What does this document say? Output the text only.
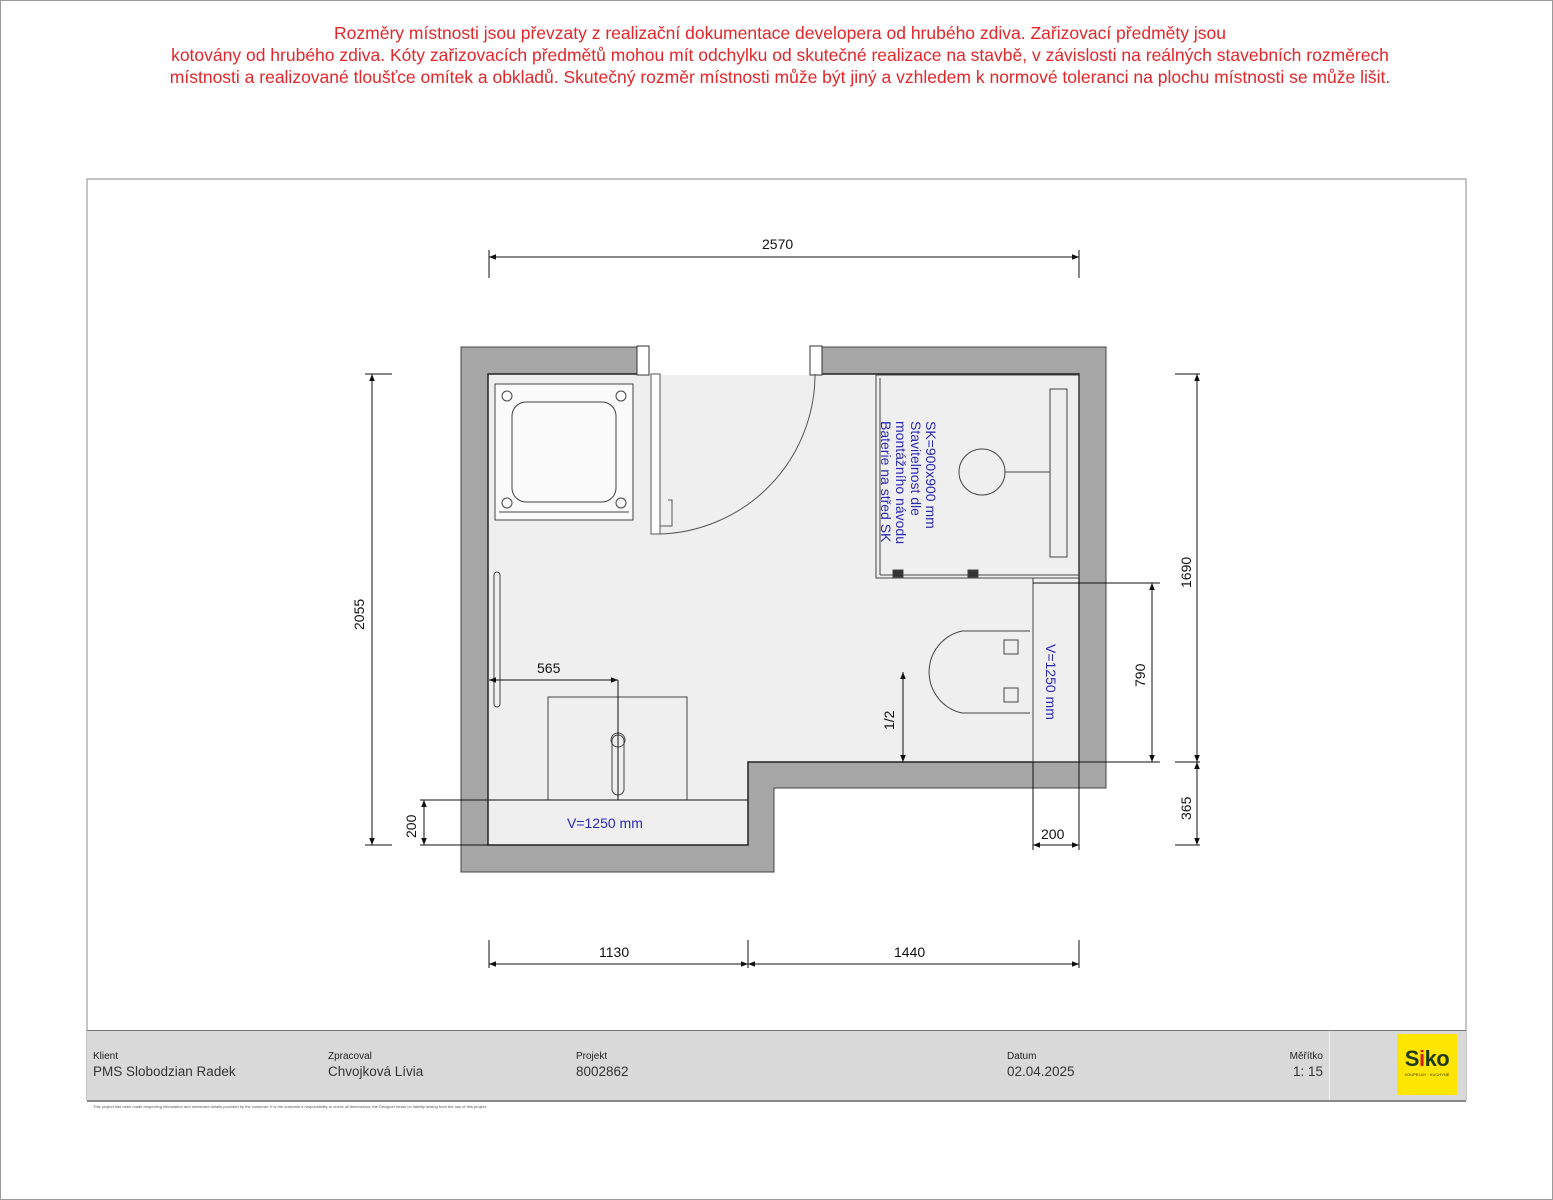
Rozměry místnosti jsou převzaty z realizační dokumentace developera od hrubého zdiva. Zařizovací předměty jsou
kotovány od hrubého zdiva. Kóty zařizovacích předmětů mohou mít odchylku od skutečné realizace na stavbě, v závislosti na reálných stavebních rozměrech
místnosti a realizované tloušťce omítek a obkladů. Skutečný rozměr místnosti může být jiný a vzhledem k normové toleranci na plochu místnosti se může lišit.
SK=900x900 mm
Stavitelnost dle
montážního návodu
Baterie na střed SK
V=1250 mm
V=1250 mm
2570
2055
1690
365
790
1/2
565
1130	1440
200	200
Klient
PMS Slobodzian Radek
Zpracoval
Chvojková Lívia
Projekt
8002862
Datum
02.04.2025
Měřítko
1: 15
Siko
KOUPELNY · KUCHYNĚ
This project has been made respecting information and measured details provided by the customer. It is the customer's responsibility to check all dimensions; the Designer bears no liability arising from the use of this project.
